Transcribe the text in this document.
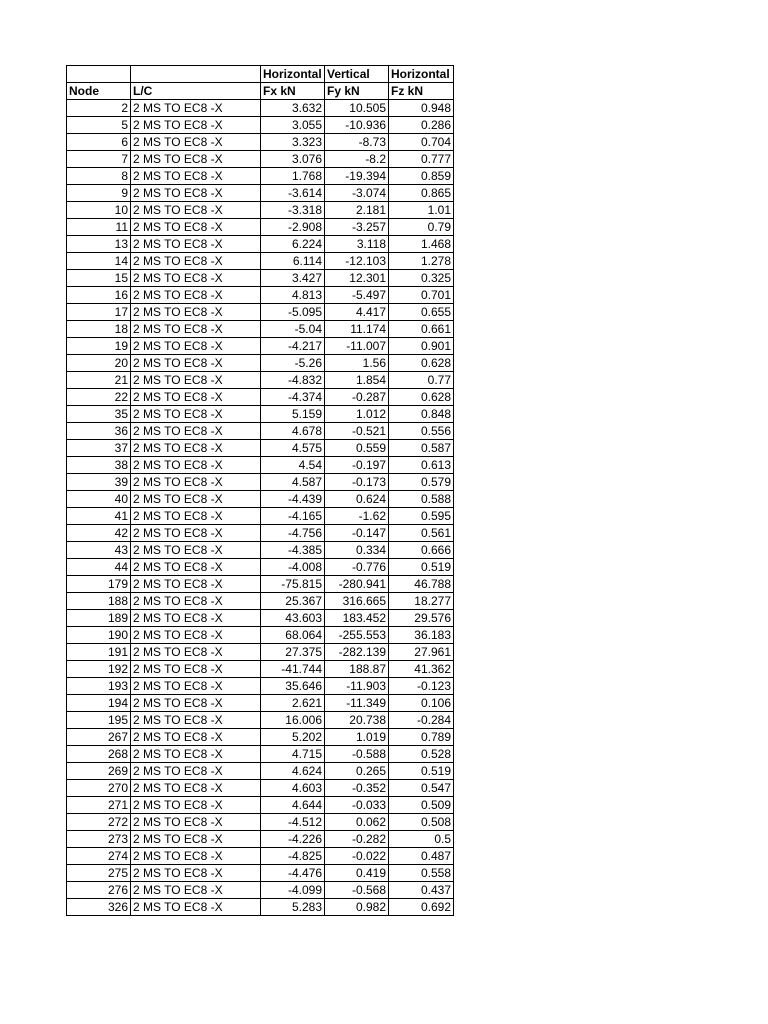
		Horizontal	Vertical	Horizontal
Node	L/C	Fx kN	Fy kN	Fz kN
2	2 MS TO EC8 -X	3.632	10.505	0.948
5	2 MS TO EC8 -X	3.055	-10.936	0.286
6	2 MS TO EC8 -X	3.323	-8.73	0.704
7	2 MS TO EC8 -X	3.076	-8.2	0.777
8	2 MS TO EC8 -X	1.768	-19.394	0.859
9	2 MS TO EC8 -X	-3.614	-3.074	0.865
10	2 MS TO EC8 -X	-3.318	2.181	1.01
11	2 MS TO EC8 -X	-2.908	-3.257	0.79
13	2 MS TO EC8 -X	6.224	3.118	1.468
14	2 MS TO EC8 -X	6.114	-12.103	1.278
15	2 MS TO EC8 -X	3.427	12.301	0.325
16	2 MS TO EC8 -X	4.813	-5.497	0.701
17	2 MS TO EC8 -X	-5.095	4.417	0.655
18	2 MS TO EC8 -X	-5.04	11.174	0.661
19	2 MS TO EC8 -X	-4.217	-11.007	0.901
20	2 MS TO EC8 -X	-5.26	1.56	0.628
21	2 MS TO EC8 -X	-4.832	1.854	0.77
22	2 MS TO EC8 -X	-4.374	-0.287	0.628
35	2 MS TO EC8 -X	5.159	1.012	0.848
36	2 MS TO EC8 -X	4.678	-0.521	0.556
37	2 MS TO EC8 -X	4.575	0.559	0.587
38	2 MS TO EC8 -X	4.54	-0.197	0.613
39	2 MS TO EC8 -X	4.587	-0.173	0.579
40	2 MS TO EC8 -X	-4.439	0.624	0.588
41	2 MS TO EC8 -X	-4.165	-1.62	0.595
42	2 MS TO EC8 -X	-4.756	-0.147	0.561
43	2 MS TO EC8 -X	-4.385	0.334	0.666
44	2 MS TO EC8 -X	-4.008	-0.776	0.519
179	2 MS TO EC8 -X	-75.815	-280.941	46.788
188	2 MS TO EC8 -X	25.367	316.665	18.277
189	2 MS TO EC8 -X	43.603	183.452	29.576
190	2 MS TO EC8 -X	68.064	-255.553	36.183
191	2 MS TO EC8 -X	27.375	-282.139	27.961
192	2 MS TO EC8 -X	-41.744	188.87	41.362
193	2 MS TO EC8 -X	35.646	-11.903	-0.123
194	2 MS TO EC8 -X	2.621	-11.349	0.106
195	2 MS TO EC8 -X	16.006	20.738	-0.284
267	2 MS TO EC8 -X	5.202	1.019	0.789
268	2 MS TO EC8 -X	4.715	-0.588	0.528
269	2 MS TO EC8 -X	4.624	0.265	0.519
270	2 MS TO EC8 -X	4.603	-0.352	0.547
271	2 MS TO EC8 -X	4.644	-0.033	0.509
272	2 MS TO EC8 -X	-4.512	0.062	0.508
273	2 MS TO EC8 -X	-4.226	-0.282	0.5
274	2 MS TO EC8 -X	-4.825	-0.022	0.487
275	2 MS TO EC8 -X	-4.476	0.419	0.558
276	2 MS TO EC8 -X	-4.099	-0.568	0.437
326	2 MS TO EC8 -X	5.283	0.982	0.692
